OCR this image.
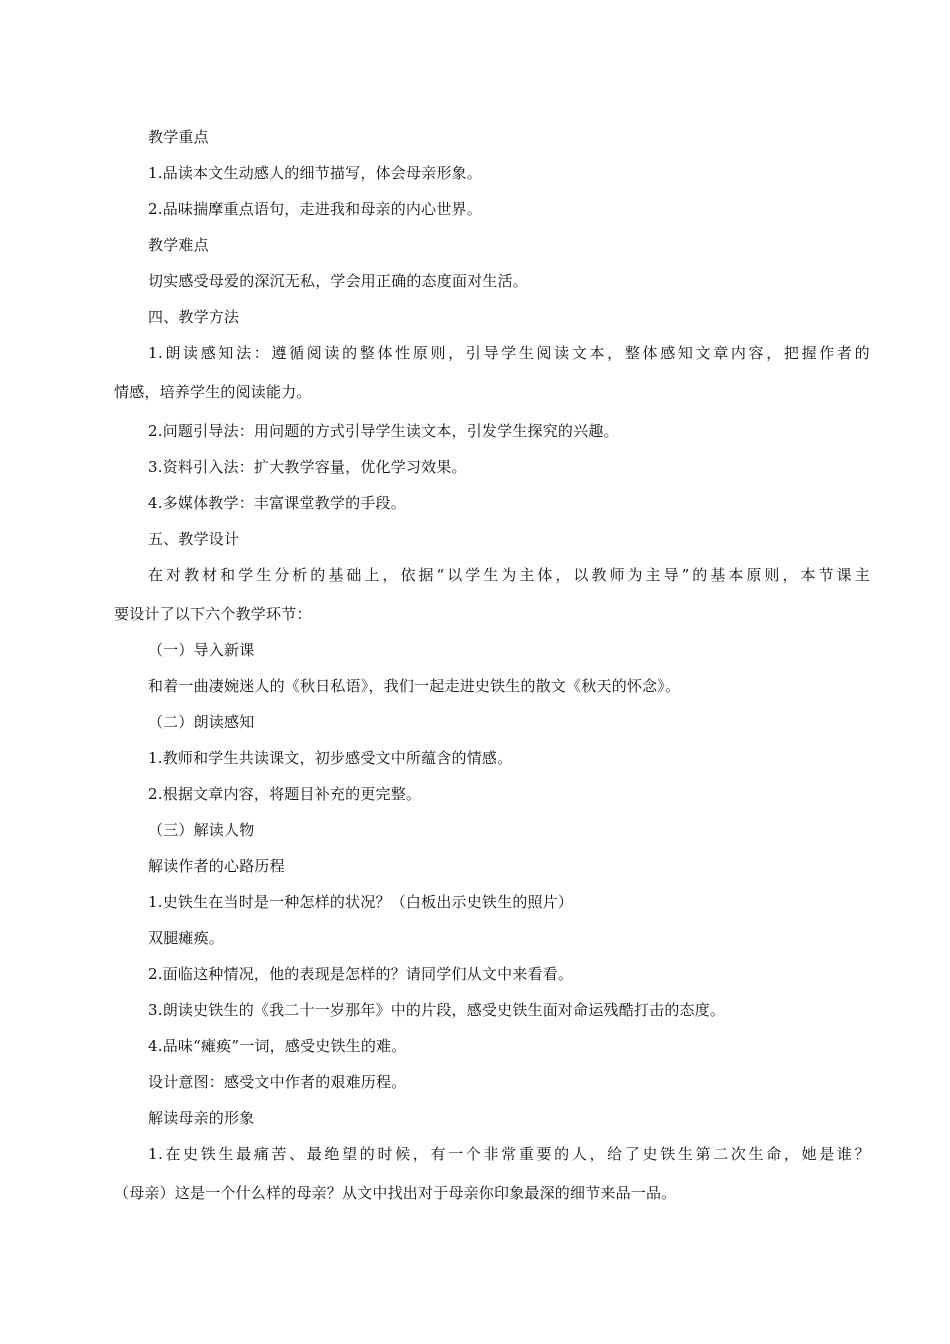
教学重点
1.品读本文生动感人的细节描写，体会母亲形象。
2.品味揣摩重点语句，走进我和母亲的内心世界。
教学难点
切实感受母爱的深沉无私，学会用正确的态度面对生活。
四、教学方法
1.朗读感知法：遵循阅读的整体性原则，引导学生阅读文本，整体感知文章内容，把握作者的
情感，培养学生的阅读能力。
2.问题引导法：用问题的方式引导学生读文本，引发学生探究的兴趣。
3.资料引入法：扩大教学容量，优化学习效果。
4.多媒体教学：丰富课堂教学的手段。
五、教学设计
在对教材和学生分析的基础上，依据“以学生为主体，以教师为主导”的基本原则，本节课主
要设计了以下六个教学环节：
（一）导入新课
和着一曲凄婉迷人的《秋日私语》，我们一起走进史铁生的散文《秋天的怀念》。
（二）朗读感知
1.教师和学生共读课文，初步感受文中所蕴含的情感。
2.根据文章内容，将题目补充的更完整。
（三）解读人物
解读作者的心路历程
1.史铁生在当时是一种怎样的状况？（白板出示史铁生的照片）
双腿瘫痪。
2.面临这种情况，他的表现是怎样的？请同学们从文中来看看。
3.朗读史铁生的《我二十一岁那年》中的片段，感受史铁生面对命运残酷打击的态度。
4.品味“瘫痪”一词，感受史铁生的难。
设计意图：感受文中作者的艰难历程。
解读母亲的形象
1.在史铁生最痛苦、最绝望的时候，有一个非常重要的人，给了史铁生第二次生命，她是谁？
（母亲）这是一个什么样的母亲？从文中找出对于母亲你印象最深的细节来品一品。
